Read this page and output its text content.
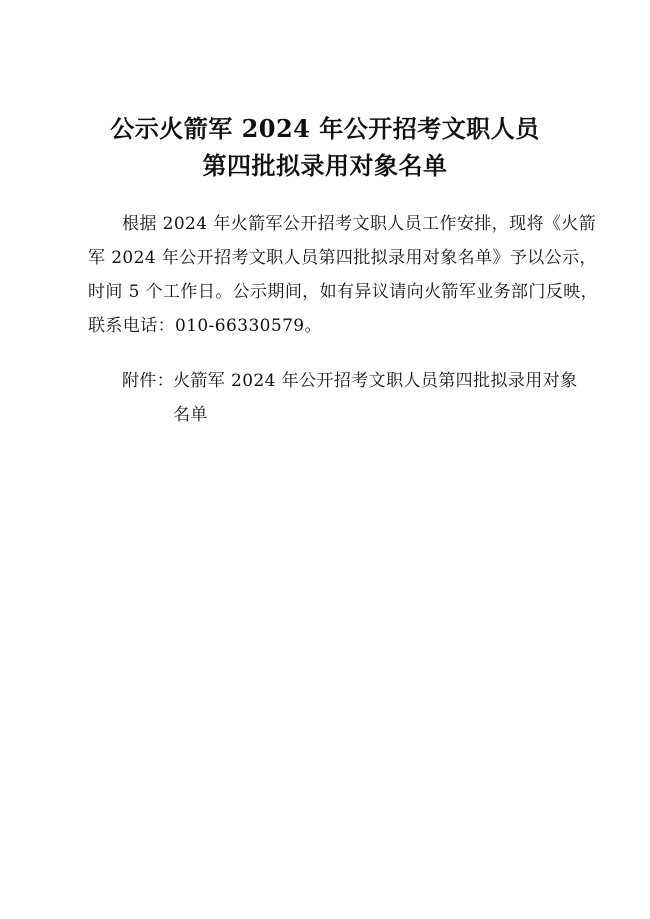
公示火箭军 2024 年公开招考文职人员
第四批拟录用对象名单

根据 2024 年火箭军公开招考文职人员工作安排，现将《火箭
军 2024 年公开招考文职人员第四批拟录用对象名单》予以公示，
时间 5 个工作日。公示期间，如有异议请向火箭军业务部门反映，
联系电话：010-66330579。

附件：
火箭军 2024 年公开招考文职人员第四批拟录用对象
名单
